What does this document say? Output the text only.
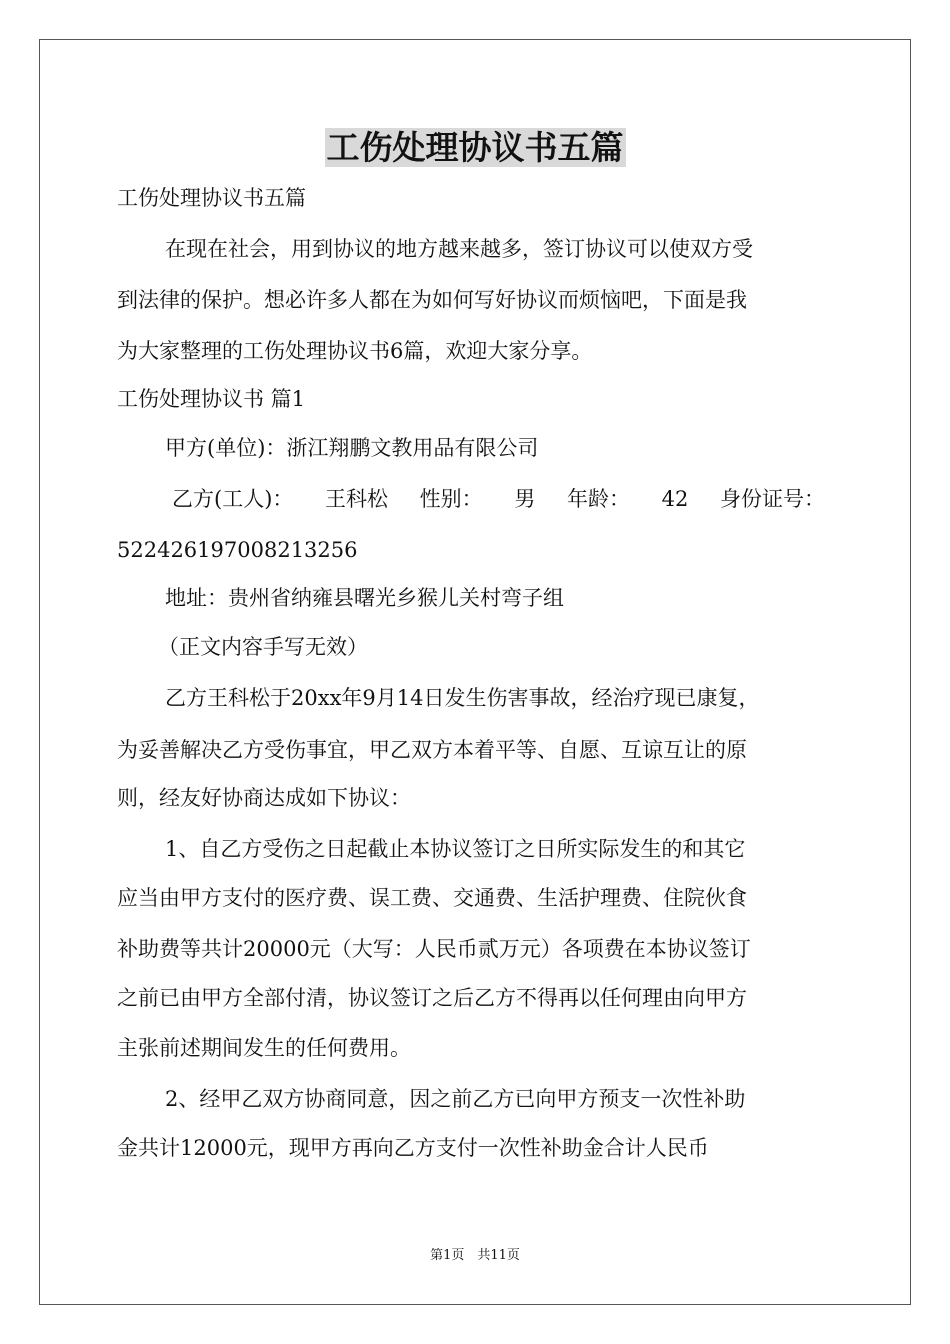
工伤处理协议书五篇
工伤处理协议书五篇
在现在社会，用到协议的地方越来越多，签订协议可以使双方受
到法律的保护。想必许多人都在为如何写好协议而烦恼吧，下面是我
为大家整理的工伤处理协议书6篇，欢迎大家分享。
工伤处理协议书 篇1
甲方(单位)：浙江翔鹏文教用品有限公司
乙方(工人)： 王科松 性别： 男 年龄： 42 身份证号：
522426197008213256
地址：贵州省纳雍县曙光乡猴儿关村弯子组
（正文内容手写无效）
乙方王科松于20xx年9月14日发生伤害事故，经治疗现已康复，
为妥善解决乙方受伤事宜，甲乙双方本着平等、自愿、互谅互让的原
则，经友好协商达成如下协议：
1、自乙方受伤之日起截止本协议签订之日所实际发生的和其它
应当由甲方支付的医疗费、误工费、交通费、生活护理费、住院伙食
补助费等共计20000元（大写：人民币贰万元）各项费在本协议签订
之前已由甲方全部付清，协议签订之后乙方不得再以任何理由向甲方
主张前述期间发生的任何费用。
2、经甲乙双方协商同意，因之前乙方已向甲方预支一次性补助
金共计12000元，现甲方再向乙方支付一次性补助金合计人民币
第1页　共11页
